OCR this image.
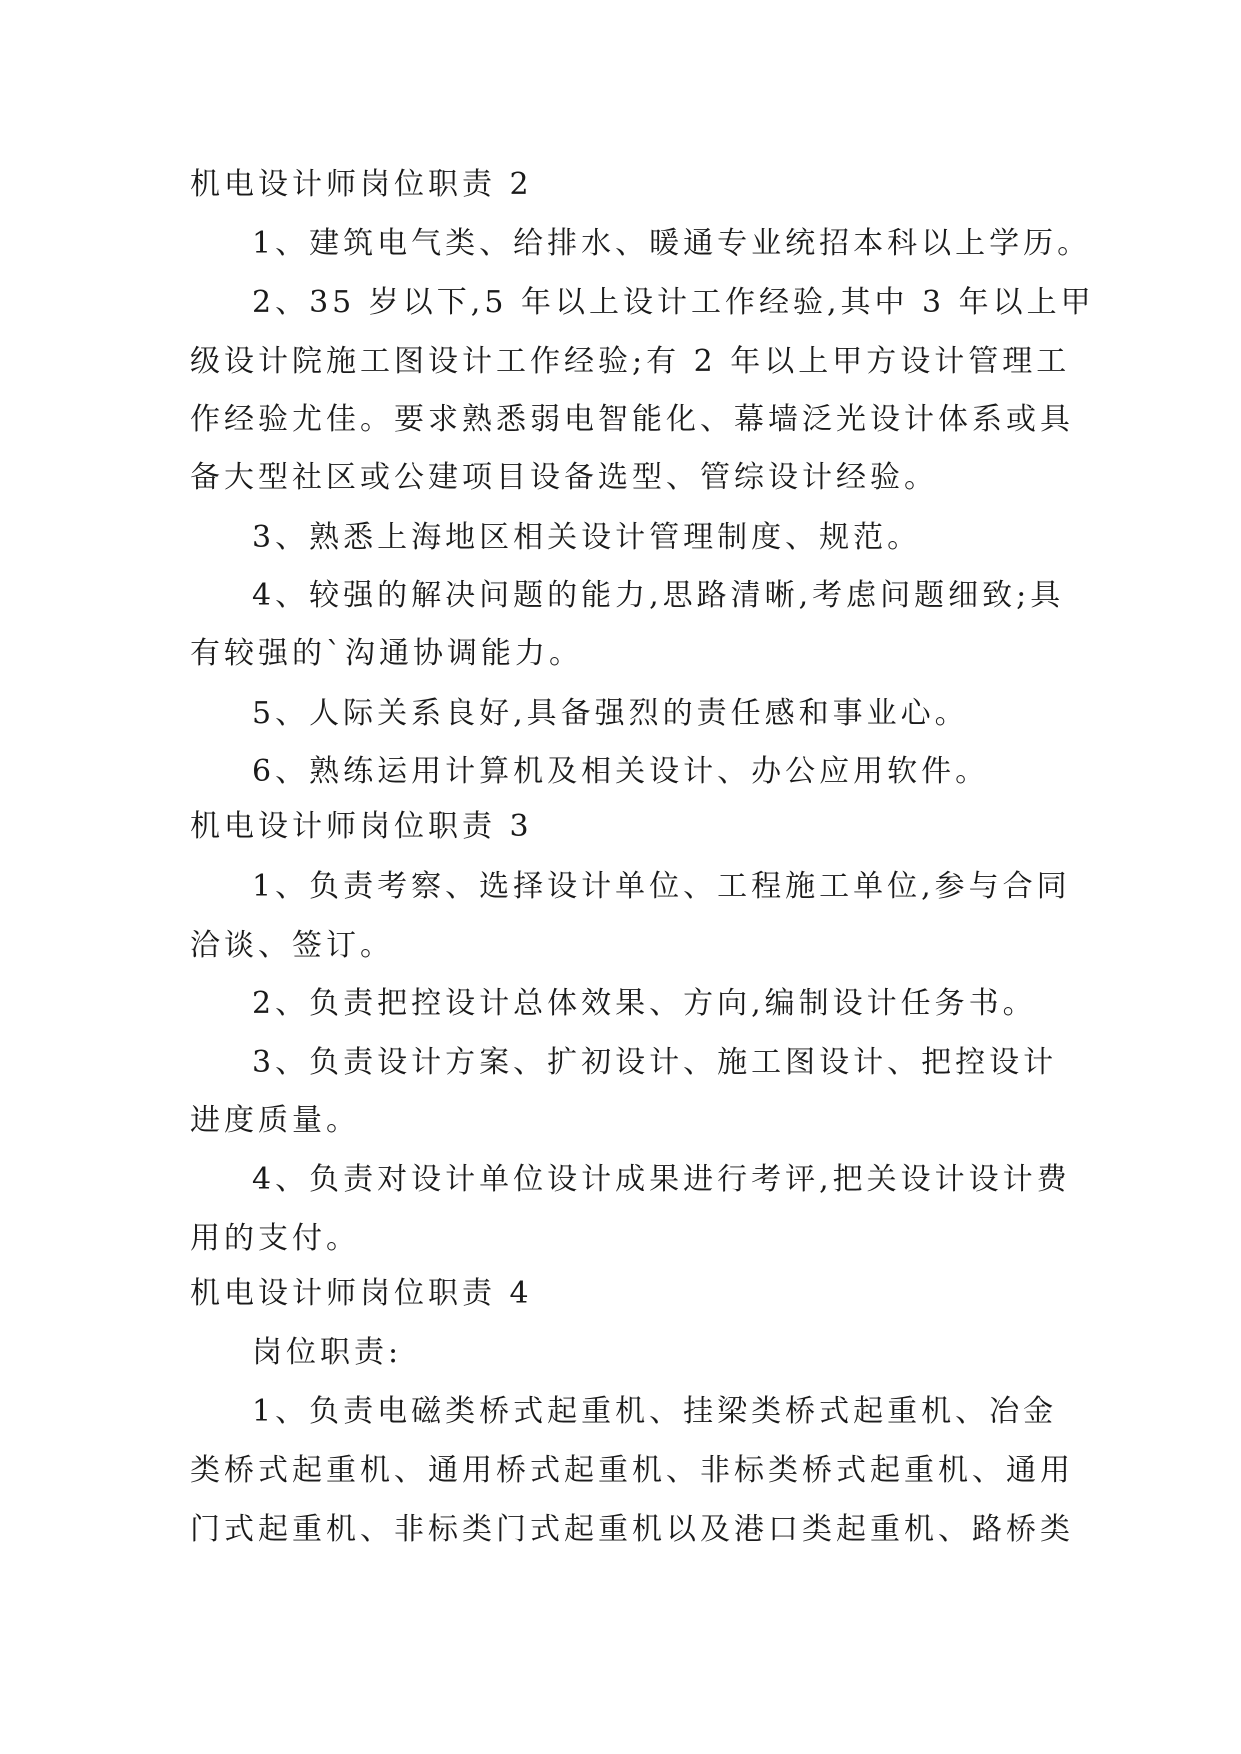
机电设计师岗位职责 2
1、建筑电气类、给排水、暖通专业统招本科以上学历。
2、35 岁以下,5 年以上设计工作经验,其中 3 年以上甲
级设计院施工图设计工作经验;有 2 年以上甲方设计管理工
作经验尤佳。要求熟悉弱电智能化、幕墙泛光设计体系或具
备大型社区或公建项目设备选型、管综设计经验。
3、熟悉上海地区相关设计管理制度、规范。
4、较强的解决问题的能力,思路清晰,考虑问题细致;具
有较强的`沟通协调能力。
5、人际关系良好,具备强烈的责任感和事业心。
6、熟练运用计算机及相关设计、办公应用软件。
机电设计师岗位职责 3
1、负责考察、选择设计单位、工程施工单位,参与合同
洽谈、签订。
2、负责把控设计总体效果、方向,编制设计任务书。
3、负责设计方案、扩初设计、施工图设计、把控设计
进度质量。
4、负责对设计单位设计成果进行考评,把关设计设计费
用的支付。
机电设计师岗位职责 4
岗位职责:
1、负责电磁类桥式起重机、挂梁类桥式起重机、冶金
类桥式起重机、通用桥式起重机、非标类桥式起重机、通用
门式起重机、非标类门式起重机以及港口类起重机、路桥类
